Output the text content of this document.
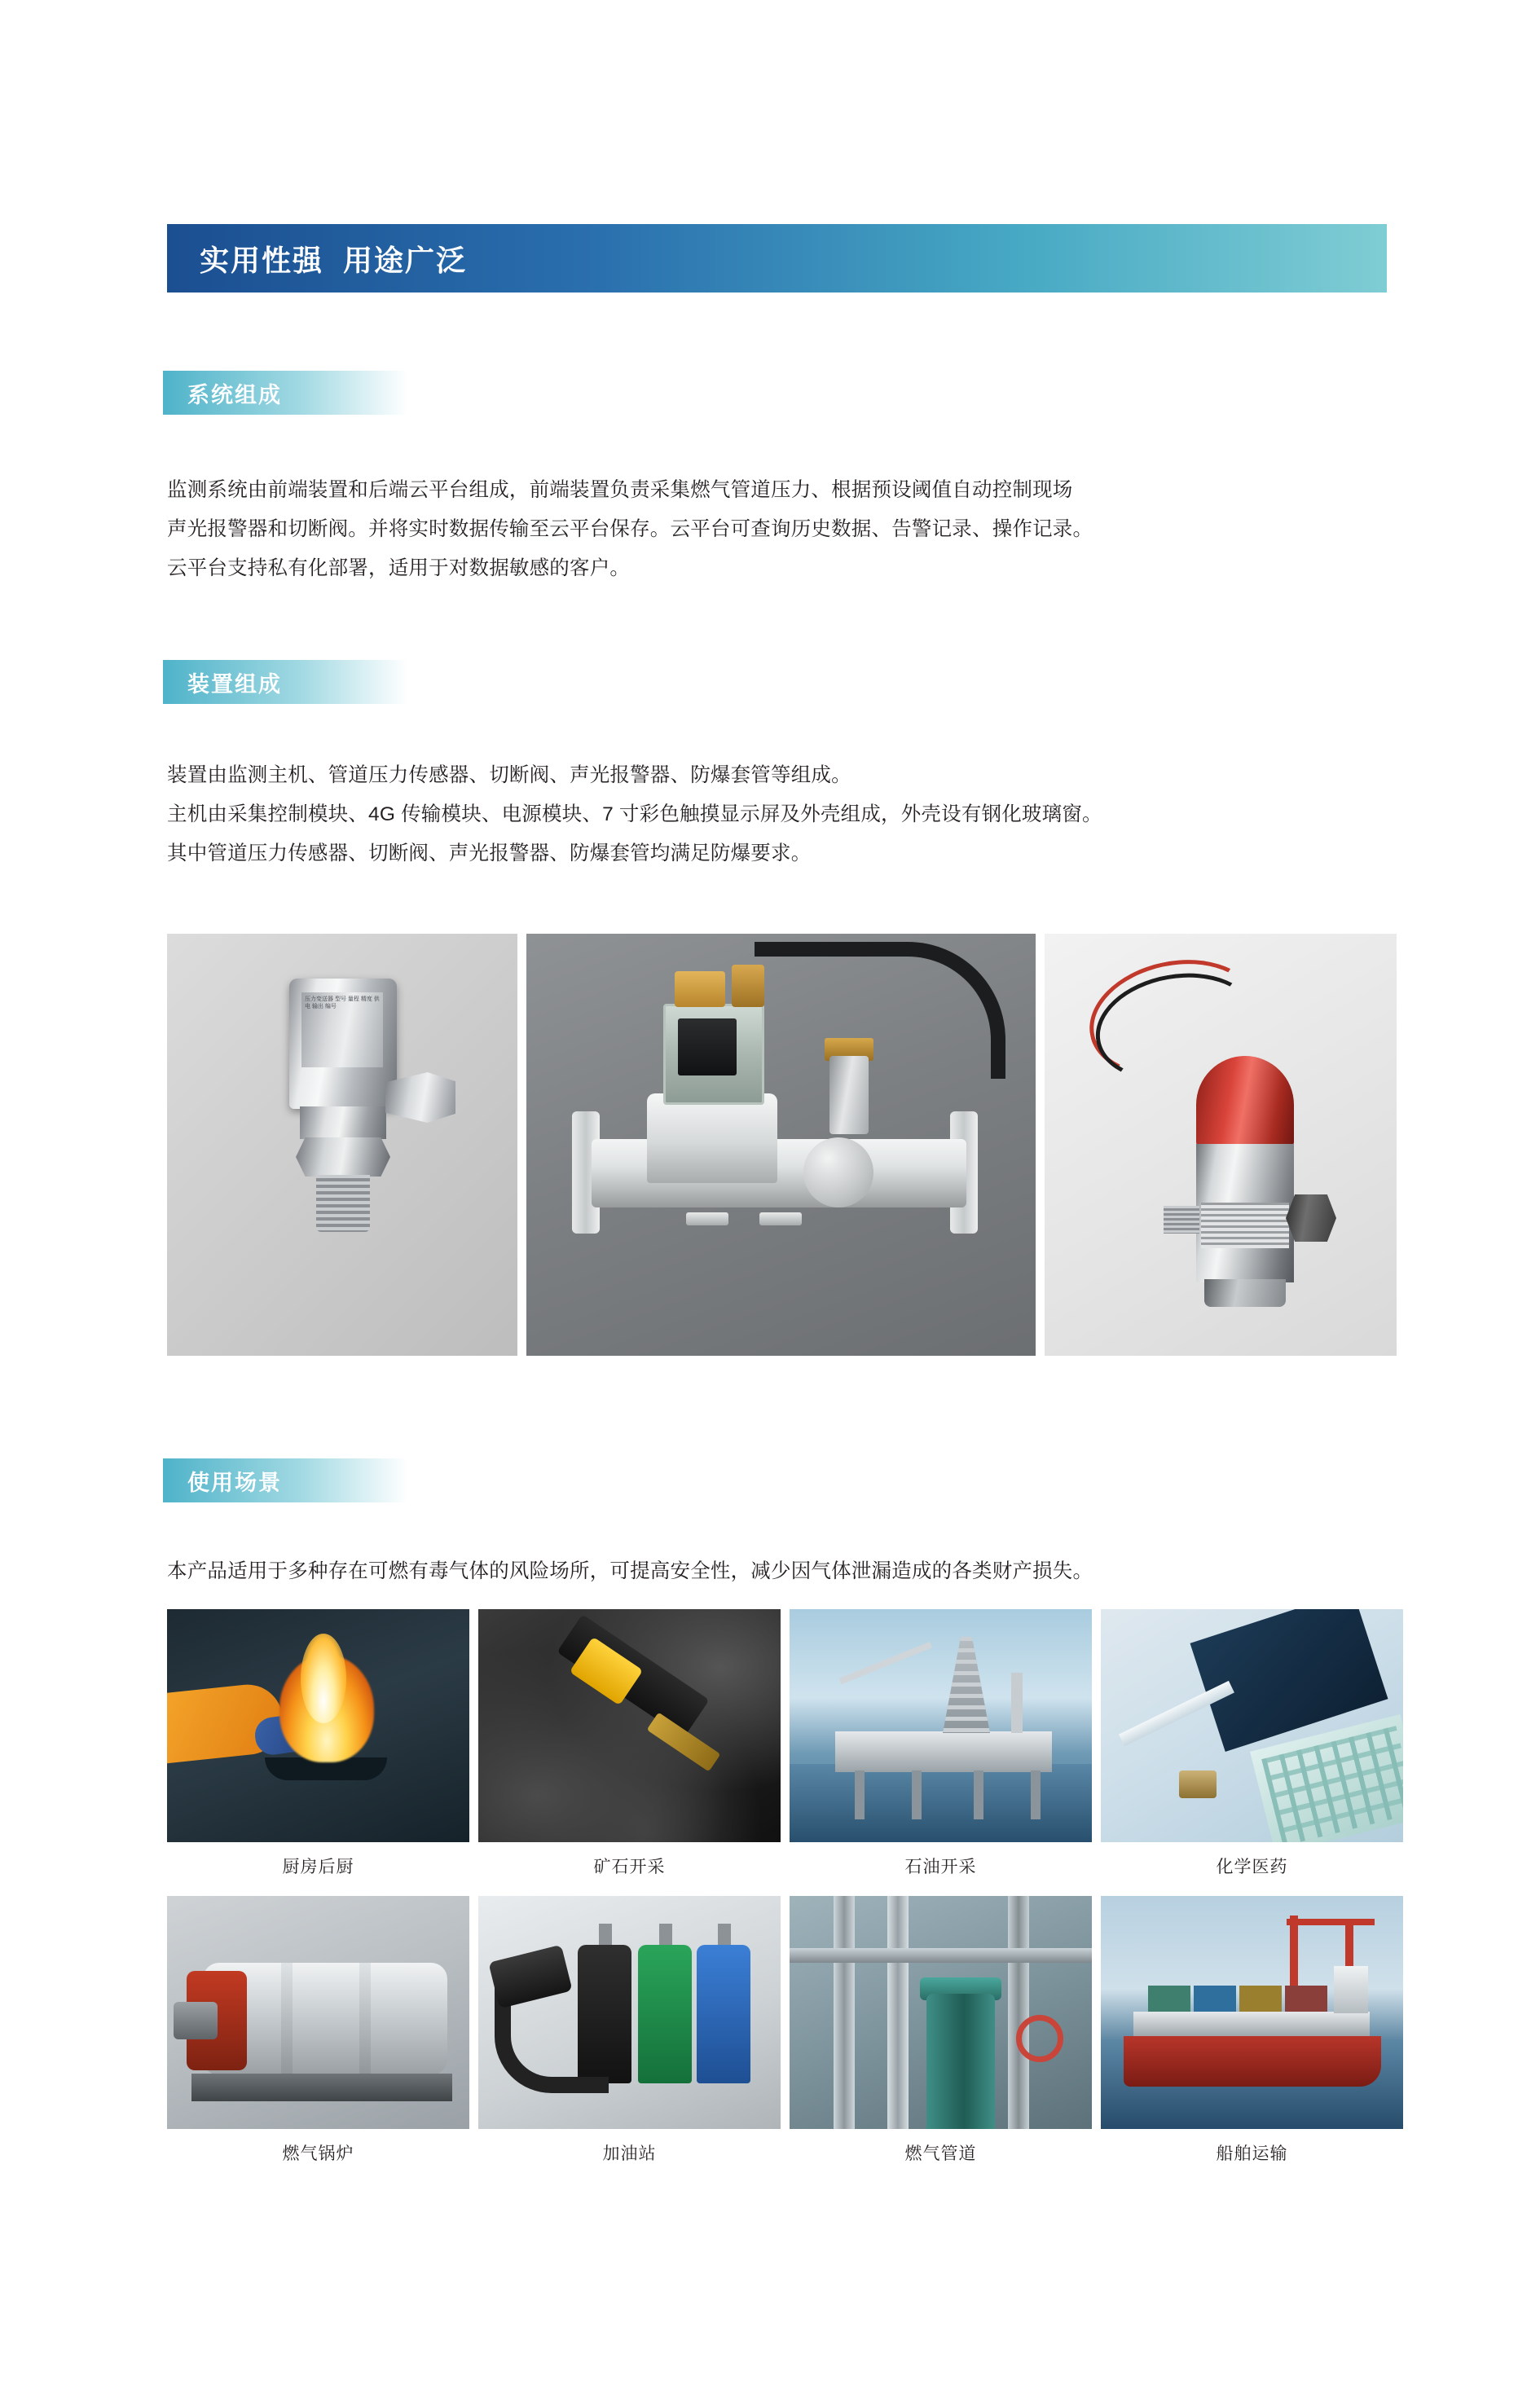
实用性强  用途广泛
系统组成

监测系统由前端装置和后端云平台组成，前端装置负责采集燃气管道压力、根据预设阈值自动控制现场

声光报警器和切断阀。并将实时数据传输至云平台保存。云平台可查询历史数据、告警记录、操作记录。

云平台支持私有化部署，适用于对数据敏感的客户。

装置组成

装置由监测主机、管道压力传感器、切断阀、声光报警器、防爆套管等组成。

主机由采集控制模块、4G 传输模块、电源模块、7 寸彩色触摸显示屏及外壳组成，外壳设有钢化玻璃窗。

其中管道压力传感器、切断阀、声光报警器、防爆套管均满足防爆要求。

压力变送器 型号 量程 精度 供电 输出 编号
使用场景

本产品适用于多种存在可燃有毒气体的风险场所，可提高安全性，减少因气体泄漏造成的各类财产损失。

厨房后厨	矿石开采	石油开采	化学医药
燃气锅炉	加油站	燃气管道	船舶运输
